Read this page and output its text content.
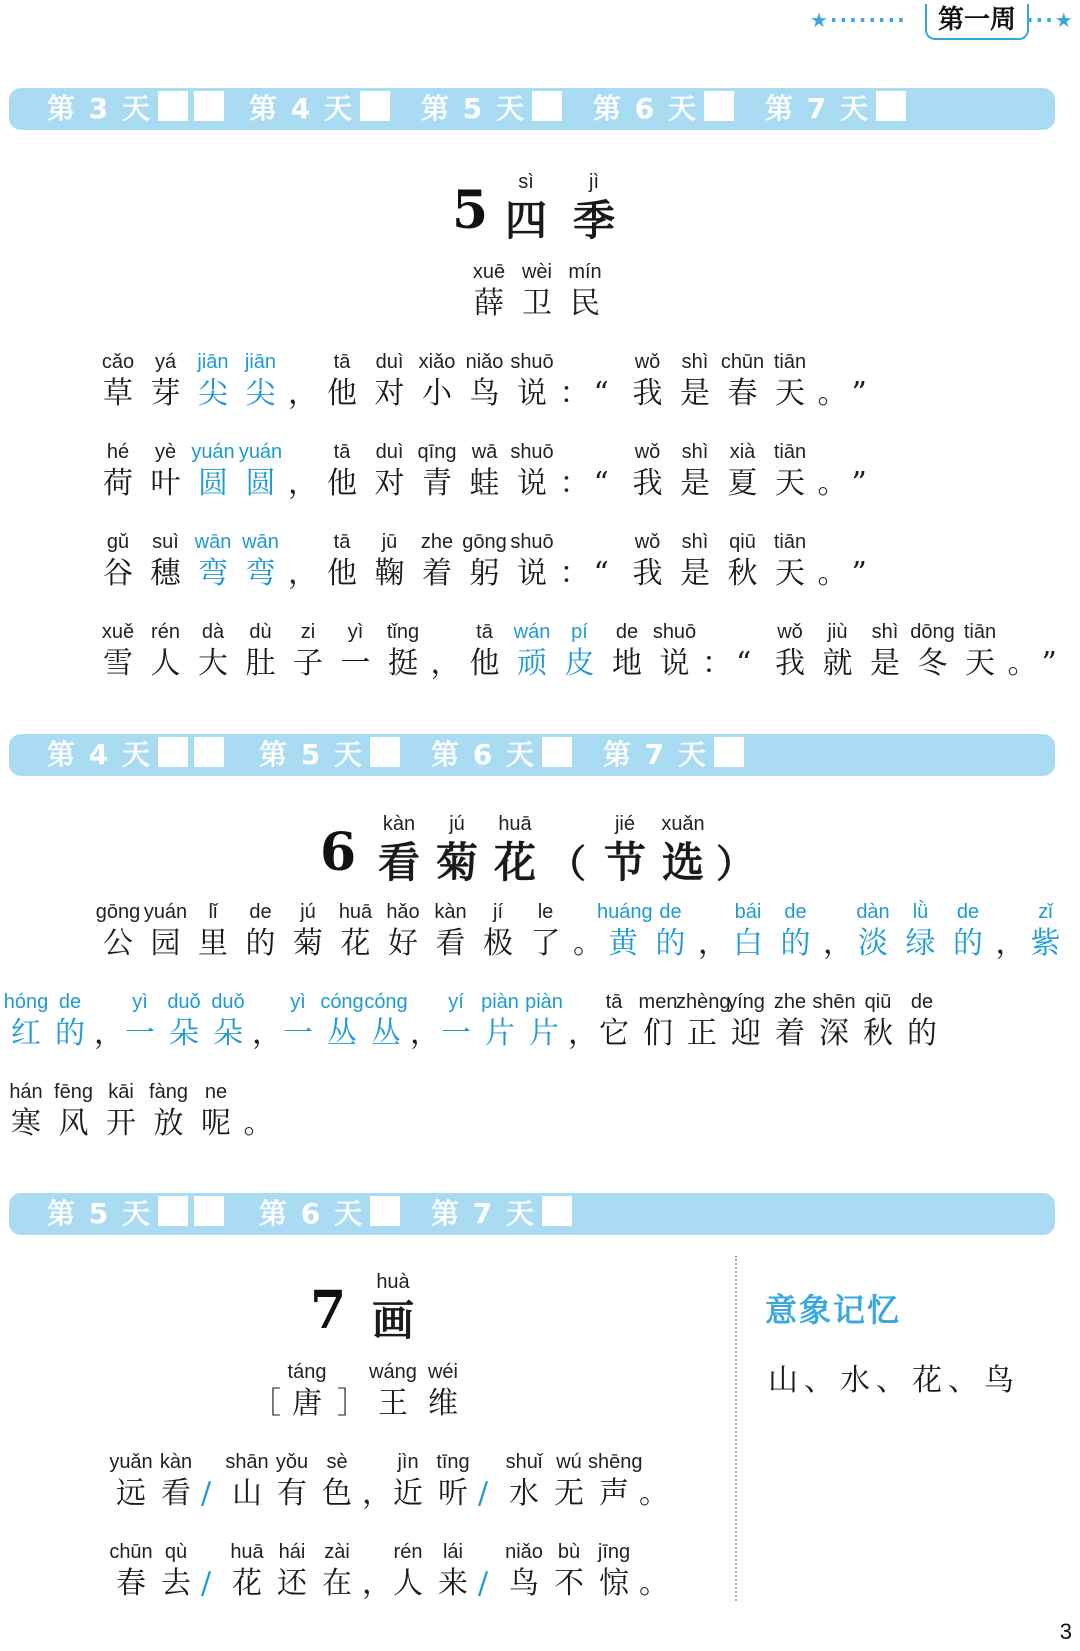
★········	第一周 ···★
第 3 天	第 4 天	第 5 天	第 6 天	第 7 天
第 4 天	第 5 天	第 6 天	第 7 天
第 5 天	第 6 天	第 7 天
5
6
7
sì
四
jì
季
xuē
薛
wèi
卫
mín
民
cǎo
草
yá
芽
jiān
尖
jiān
尖 ，
tā
他
duì
对
xiǎo
小
niǎo
鸟
shuō
说 ： “
wǒ
我
shì
是
chūn
春
tiān
天 。 ”
hé
荷
yè
叶
yuán
圆
yuán
圆 ，
tā
他
duì
对
qīng
青
wā
蛙
shuō
说 ： “
wǒ
我
shì
是
xià
夏
tiān
天 。 ”
gǔ
谷
suì
穗
wān
弯
wān
弯 ，
tā
他
jū
鞠
zhe
着
gōng
躬
shuō
说 ： “
wǒ
我
shì
是
qiū
秋
tiān
天 。 ”
xuě
雪
rén
人
dà
大
dù
肚
zi
子
yì
一
tǐng
挺 ，
tā
他
wán
顽
pí
皮
de
地
shuō
说 ： “
wǒ
我
jiù
就
shì
是
dōng
冬
tiān
天 。 ”
kàn
看
jú
菊
huā
花 （
jié
节
xuǎn
选 ）
gōng
公
yuán
园
lǐ
里
de
的
jú
菊
huā
花
hǎo
好
kàn
看
jí
极
le
了 。
huáng
黄
de
的 ，
bái
白
de
的 ，
dàn
淡
lǜ
绿
de
的 ，
zǐ
紫
hóng
红
de
的 ，
yì
一
duǒ
朵
duǒ
朵 ，
yì
一
cóng
丛
cóng
丛 ，
yí
一
piàn
片
piàn
片 ，
tā
它
men
们
zhèng
正
yíng
迎
zhe
着
shēn
深
qiū
秋
de
的
hán
寒
fēng
风
kāi
开
fàng
放
ne
呢 。
huà
画
［
táng
唐 ］
wáng
王
wéi
维
yuǎn
远
kàn
看 /
shān
山
yǒu
有
sè
色 ，
jìn
近
tīng
听 /
shuǐ
水
wú
无
shēng
声 。
chūn
春
qù
去 /
huā
花
hái
还
zài
在 ，
rén
人
lái
来 /
niǎo
鸟
bù
不
jīng
惊 。
意象记忆
山、水、花、鸟
3
